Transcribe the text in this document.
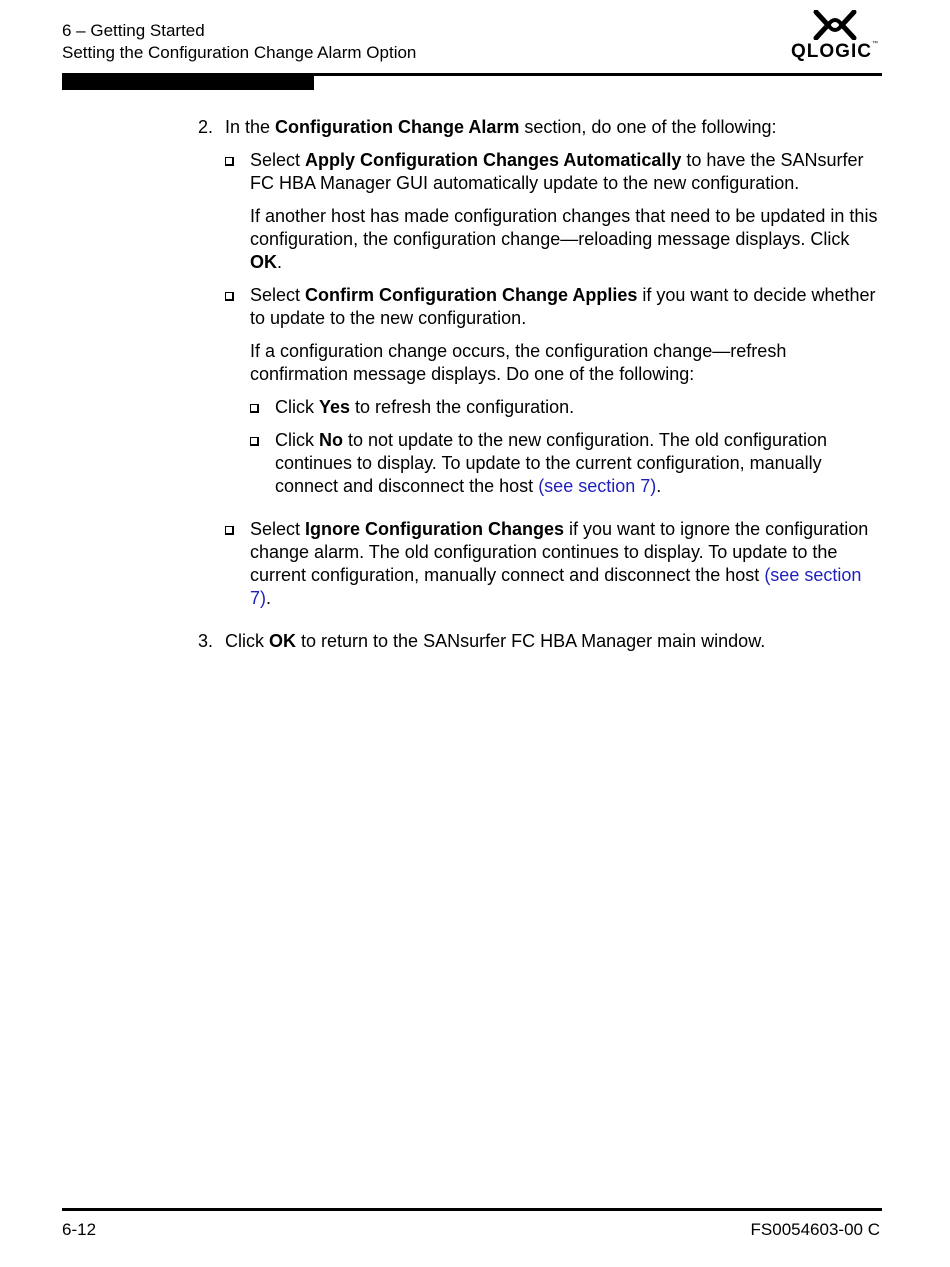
6 – Getting Started
Setting the Configuration Change Alarm Option	QLOGIC™
2. In the Configuration Change Alarm section, do one of the following:
Select Apply Configuration Changes Automatically to have the SANsurfer FC HBA Manager GUI automatically update to the new configuration.
If another host has made configuration changes that need to be updated in this configuration, the configuration change—reloading message displays. Click OK.
Select Confirm Configuration Change Applies if you want to decide whether to update to the new configuration.
If a configuration change occurs, the configuration change—refresh confirmation message displays. Do one of the following:
Click Yes to refresh the configuration.
Click No to not update to the new configuration. The old configuration continues to display. To update to the current configuration, manually connect and disconnect the host (see section 7).
Select Ignore Configuration Changes if you want to ignore the configuration change alarm. The old configuration continues to display. To update to the current configuration, manually connect and disconnect the host (see section 7).
3. Click OK to return to the SANsurfer FC HBA Manager main window.
6-12	FS0054603-00 C
